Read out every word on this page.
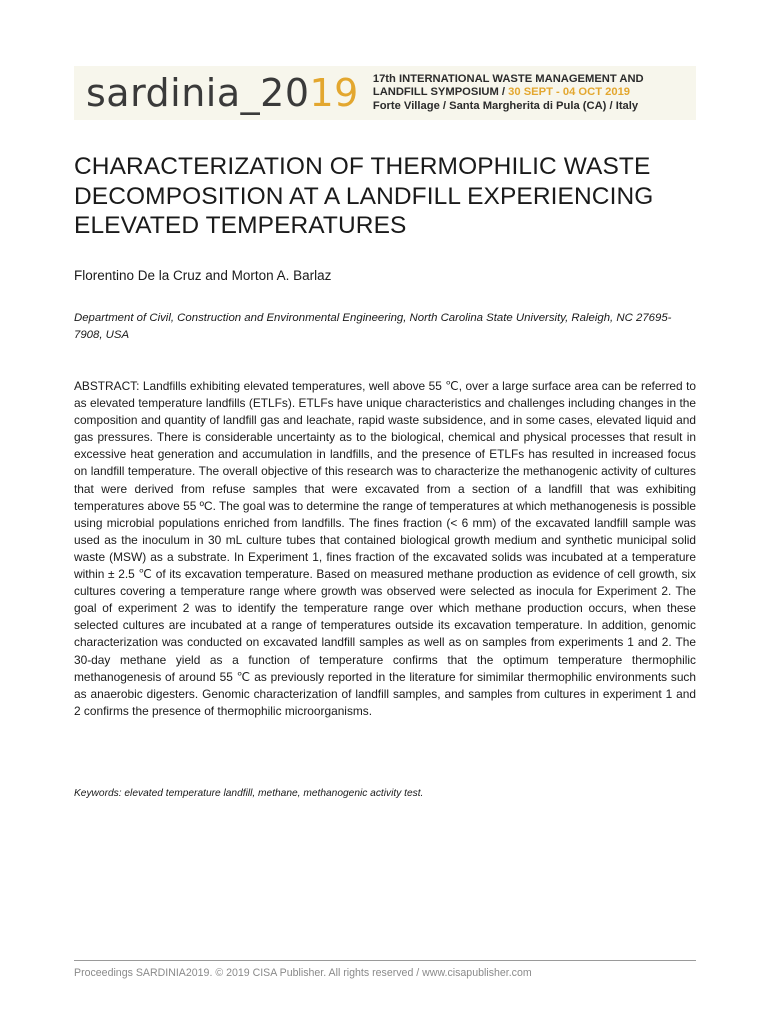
sardinia_2019 17th INTERNATIONAL WASTE MANAGEMENT AND
LANDFILL SYMPOSIUM / 30 SEPT - 04 OCT 2019
Forte Village / Santa Margherita di Pula (CA) / Italy
CHARACTERIZATION OF THERMOPHILIC WASTE DECOMPOSITION AT A LANDFILL EXPERIENCING ELEVATED TEMPERATURES
Florentino De la Cruz and Morton A. Barlaz
Department of Civil, Construction and Environmental Engineering, North Carolina State University, Raleigh, NC 27695-7908, USA

ABSTRACT: Landfills exhibiting elevated temperatures, well above 55 ℃, over a large surface area can be referred to as elevated temperature landfills (ETLFs). ETLFs have unique characteristics and challenges including changes in the composition and quantity of landfill gas and leachate, rapid waste subsidence, and in some cases, elevated liquid and gas pressures. There is considerable uncertainty as to the biological, chemical and physical processes that result in excessive heat generation and accumulation in landfills, and the presence of ETLFs has resulted in increased focus on landfill temperature. The overall objective of this research was to characterize the methanogenic activity of cultures that were derived from refuse samples that were excavated from a section of a landfill that was exhibiting temperatures above 55 ºC. The goal was to determine the range of temperatures at which methanogenesis is possible using microbial populations enriched from landfills. The fines fraction (< 6 mm) of the excavated landfill sample was used as the inoculum in 30 mL culture tubes that contained biological growth medium and synthetic municipal solid waste (MSW) as a substrate. In Experiment 1, fines fraction of the excavated solids was incubated at a temperature within ± 2.5 ℃ of its excavation temperature. Based on measured methane production as evidence of cell growth, six cultures covering a temperature range where growth was observed were selected as inocula for Experiment 2. The goal of experiment 2 was to identify the temperature range over which methane production occurs, when these selected cultures are incubated at a range of temperatures outside its excavation temperature. In addition, genomic characterization was conducted on excavated landfill samples as well as on samples from experiments 1 and 2. The 30-day methane yield as a function of temperature confirms that the optimum temperature thermophilic methanogenesis of around 55 ℃ as previously reported in the literature for simimilar thermophilic environments such as anaerobic digesters. Genomic characterization of landfill samples, and samples from cultures in experiment 1 and 2 confirms the presence of thermophilic microorganisms.

Keywords: elevated temperature landfill, methane, methanogenic activity test.
Proceedings SARDINIA2019. © 2019 CISA Publisher. All rights reserved / www.cisapublisher.com
